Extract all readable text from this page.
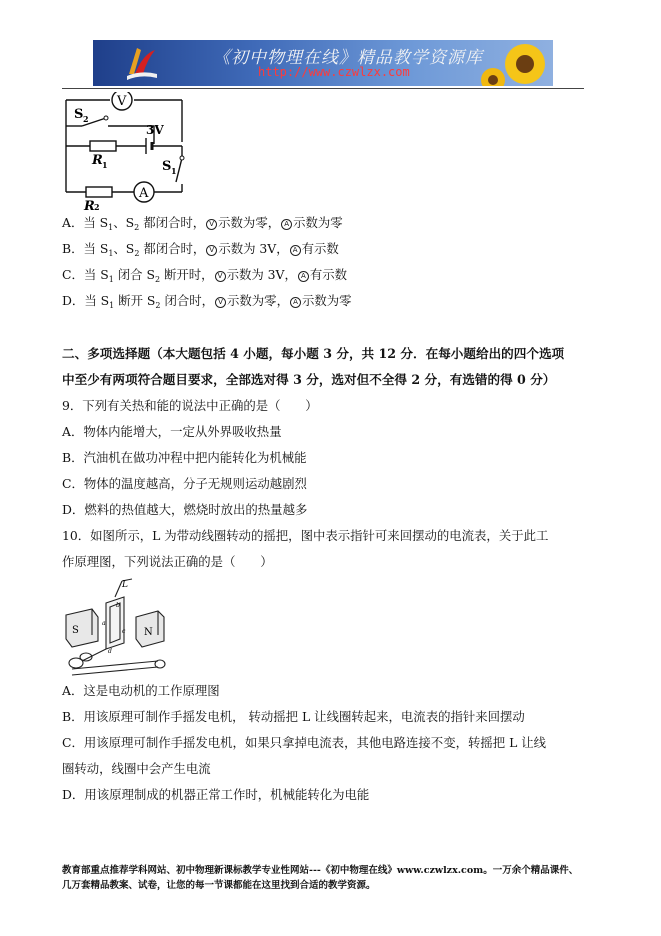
《初中物理在线》精品教学资源库
http://www.czwlzx.com
V
A
S 2
3V
R 1	S 1
R 2
A．当 $S_1$、$S_2$ 都闭合时， V 示数为零， A 示数为零
B．当 $S_1$、$S_2$ 都闭合时， V 示数为 3V， A 有示数
C．当 $S_1$ 闭合 $S_2$ 断开时， V 示数为 3V， A 有示数
D．当 $S_1$ 断开 $S_2$ 闭合时， V 示数为零， A 示数为零
二、多项选择题（本大题包括 4 小题，每小题 3 分，共 12 分．在每小题给出的四个选项
中至少有两项符合题目要求，全部选对得 3 分，选对但不全得 2 分，有选错的得 0 分）
9．下列有关热和能的说法中正确的是（　　）
A．物体内能增大，一定从外界吸收热量
B．汽油机在做功冲程中把内能转化为机械能
C．物体的温度越高，分子无规则运动越剧烈
D．燃料的热值越大，燃烧时放出的热量越多
10．如图所示，L 为带动线圈转动的摇把，图中表示指针可来回摆动的电流表，关于此工
作原理图，下列说法正确的是（　　）
S	N
L
b
c
a
d
A．这是电动机的工作原理图
B．用该原理可制作手摇发电机， 转动摇把 L 让线圈转起来，电流表的指针来回摆动
C．用该原理可制作手摇发电机，如果只拿掉电流表，其他电路连接不变，转摇把 L 让线
圈转动，线圈中会产生电流
D．用该原理制成的机器正常工作时，机械能转化为电能
教育部重点推荐学科网站、初中物理新课标教学专业性网站---《初中物理在线》www.czwlzx.com。一万余个精品课件、
几万套精品教案、试卷，让您的每一节课都能在这里找到合适的教学资源。
